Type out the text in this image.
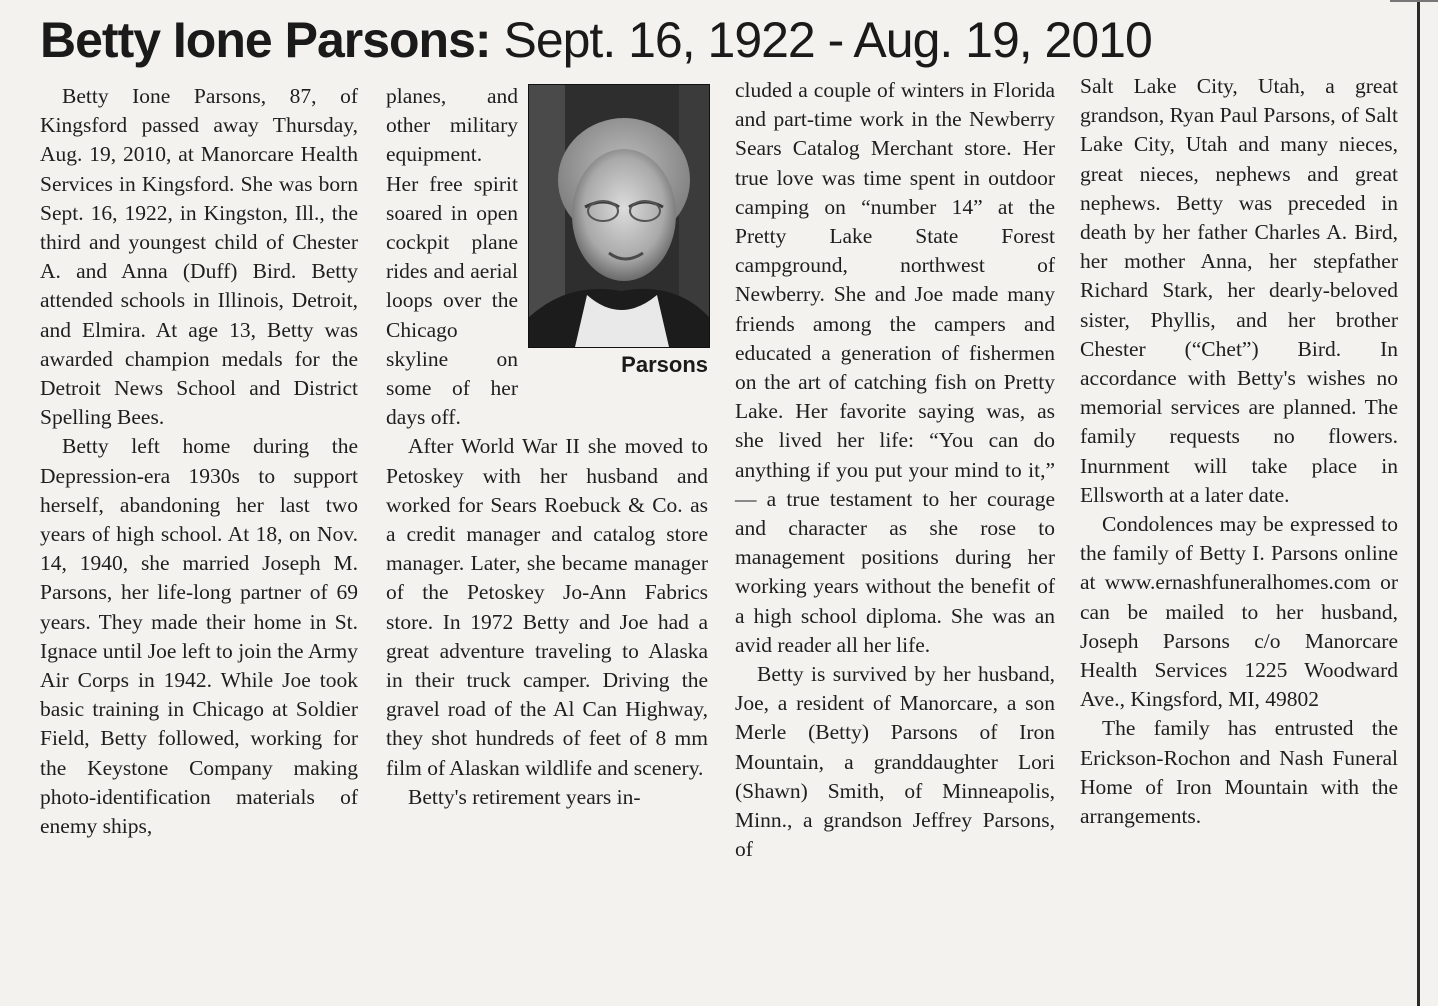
Betty Ione Parsons: Sept. 16, 1922 - Aug. 19, 2010

Betty Ione Parsons, 87, of Kingsford passed away Thursday, Aug. 19, 2010, at Manorcare Health Services in Kingsford. She was born Sept. 16, 1922, in Kingston, Ill., the third and youngest child of Chester A. and Anna (Duff) Bird. Betty attended schools in Illinois, Detroit, and Elmira. At age 13, Betty was awarded champion medals for the Detroit News School and District Spelling Bees.

Betty left home during the Depression-era 1930s to support herself, abandoning her last two years of high school. At 18, on Nov. 14, 1940, she married Joseph M. Parsons, her life-long partner of 69 years. They made their home in St. Ignace until Joe left to join the Army Air Corps in 1942. While Joe took basic training in Chicago at Soldier Field, Betty followed, working for the Keystone Company making photo-identification materials of enemy ships,

Parsons
planes, and other military equipment. Her free spirit soared in open cockpit plane rides and aerial loops over the Chicago skyline on some of her days off.

After World War II she moved to Petoskey with her husband and worked for Sears Roebuck & Co. as a credit manager and catalog store manager. Later, she became manager of the Petoskey Jo-Ann Fabrics store. In 1972 Betty and Joe had a great adventure traveling to Alaska in their truck camper. Driving the gravel road of the Al Can Highway, they shot hundreds of feet of 8 mm film of Alaskan wildlife and scenery.

Betty's retirement years in-

cluded a couple of winters in Florida and part-time work in the Newberry Sears Catalog Merchant store. Her true love was time spent in outdoor camping on “number 14” at the Pretty Lake State Forest campground, northwest of Newberry. She and Joe made many friends among the campers and educated a generation of fishermen on the art of catching fish on Pretty Lake. Her favorite saying was, as she lived her life: “You can do anything if you put your mind to it,” — a true testament to her courage and character as she rose to management positions during her working years without the benefit of a high school diploma. She was an avid reader all her life.

Betty is survived by her husband, Joe, a resident of Manorcare, a son Merle (Betty) Parsons of Iron Mountain, a granddaughter Lori (Shawn) Smith, of Minneapolis, Minn., a grandson Jeffrey Parsons, of

Salt Lake City, Utah, a great grandson, Ryan Paul Parsons, of Salt Lake City, Utah and many nieces, great nieces, nephews and great nephews. Betty was preceded in death by her father Charles A. Bird, her mother Anna, her stepfather Richard Stark, her dearly-beloved sister, Phyllis, and her brother Chester (“Chet”) Bird. In accordance with Betty's wishes no memorial services are planned. The family requests no flowers. Inurnment will take place in Ellsworth at a later date.

Condolences may be expressed to the family of Betty I. Parsons online at www.ernashfuneralhomes.com or can be mailed to her husband, Joseph Parsons c/o Manorcare Health Services 1225 Woodward Ave., Kingsford, MI, 49802

The family has entrusted the Erickson-Rochon and Nash Funeral Home of Iron Mountain with the arrangements.
